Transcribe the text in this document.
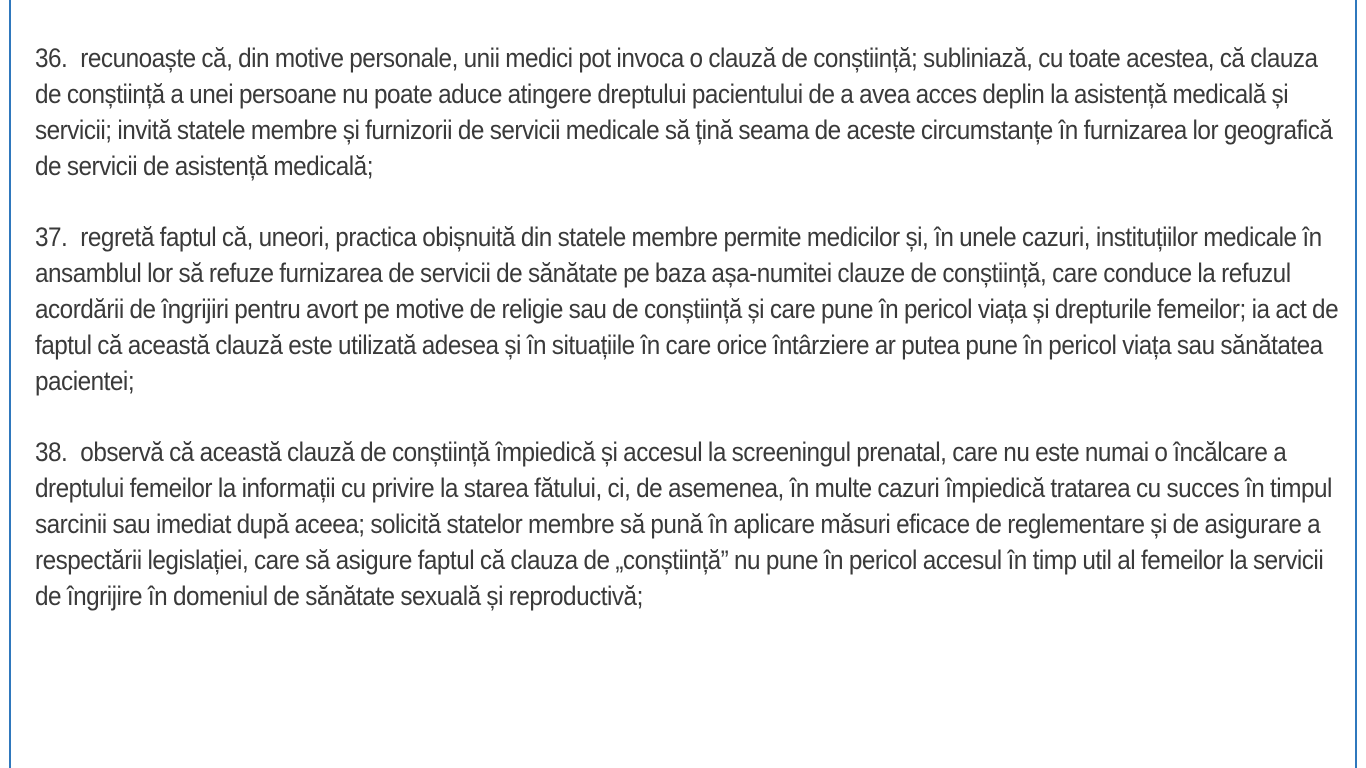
36. recunoaște că, din motive personale, unii medici pot invoca o clauză de conștiință; subliniază, cu toate acestea, că clauza de conștiință a unei persoane nu poate aduce atingere dreptului pacientului de a avea acces deplin la asistență medicală și servicii; invită statele membre și furnizorii de servicii medicale să țină seama de aceste circumstanțe în furnizarea lor geografică de servicii de asistență medicală;

37. regretă faptul că, uneori, practica obișnuită din statele membre permite medicilor și, în unele cazuri, instituțiilor medicale în ansamblul lor să refuze furnizarea de servicii de sănătate pe baza așa-numitei clauze de conștiință, care conduce la refuzul acordării de îngrijiri pentru avort pe motive de religie sau de conștiință și care pune în pericol viața și drepturile femeilor; ia act de faptul că această clauză este utilizată adesea și în situațiile în care orice întârziere ar putea pune în pericol viața sau sănătatea pacientei;

38. observă că această clauză de conștiință împiedică și accesul la screeningul prenatal, care nu este numai o încălcare a dreptului femeilor la informații cu privire la starea fătului, ci, de asemenea, în multe cazuri împiedică tratarea cu succes în timpul sarcinii sau imediat după aceea; solicită statelor membre să pună în aplicare măsuri eficace de reglementare și de asigurare a respectării legislației, care să asigure faptul că clauza de „conștiință” nu pune în pericol accesul în timp util al femeilor la servicii de îngrijire în domeniul de sănătate sexuală și reproductivă;
